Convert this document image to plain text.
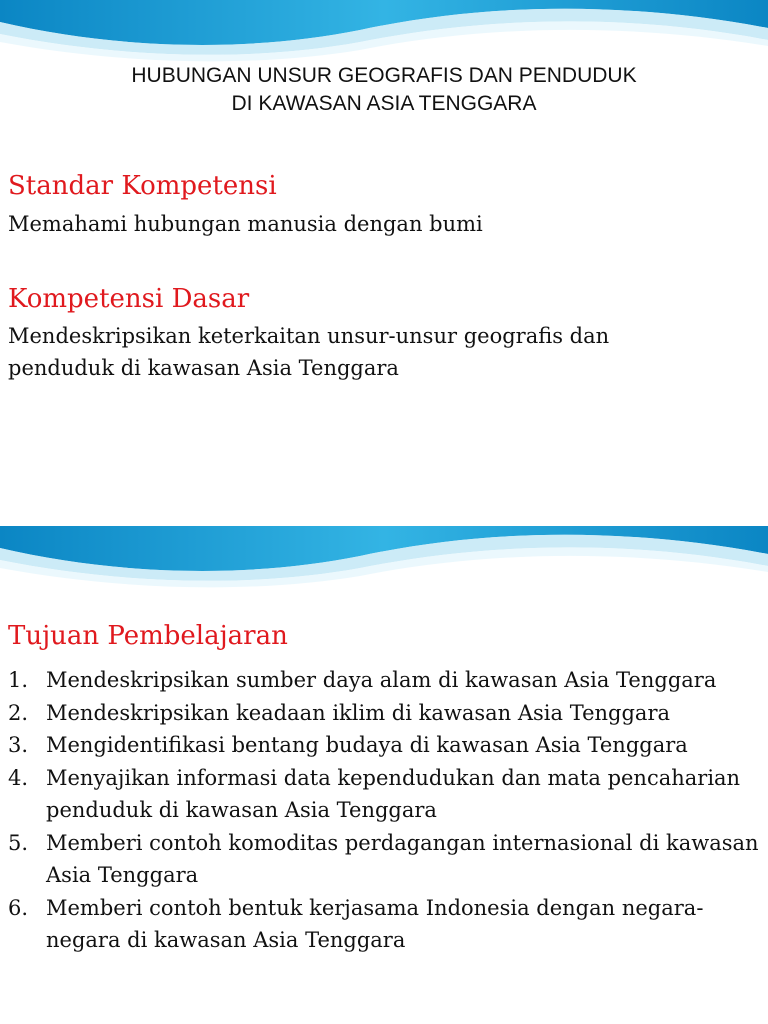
HUBUNGAN UNSUR GEOGRAFIS DAN PENDUDUK
DI KAWASAN ASIA TENGGARA
Standar Kompetensi
Memahami hubungan manusia dengan bumi
Kompetensi Dasar
Mendeskripsikan keterkaitan unsur-unsur geografis dan
penduduk di kawasan Asia Tenggara
Tujuan Pembelajaran
1. Mendeskripsikan sumber daya alam di kawasan Asia Tenggara
2. Mendeskripsikan keadaan iklim di kawasan Asia Tenggara
3. Mengidentifikasi bentang budaya di kawasan Asia Tenggara
4. Menyajikan informasi data kependudukan dan mata pencaharian penduduk di kawasan Asia Tenggara
5. Memberi contoh komoditas perdagangan internasional di kawasan Asia Tenggara
6. Memberi contoh bentuk kerjasama Indonesia dengan negara-negara di kawasan Asia Tenggara
